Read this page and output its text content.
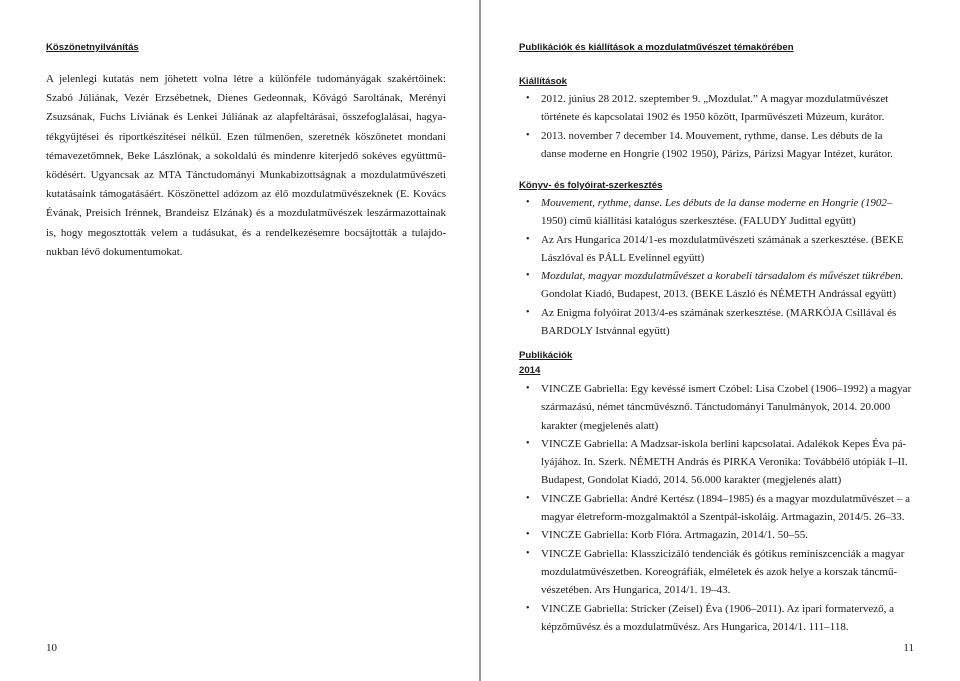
Köszönetnyilvánítás
A jelenlegi kutatás nem jöhetett volna létre a különféle tudományágak szakértőinek:
Szabó Júliának, Vezér Erzsébetnek, Dienes Gedeonnak, Kővágó Saroltának, Merényi
Zsuzsának, Fuchs Líviának és Lenkei Júliának az alapfeltárásai, összefoglalásai, hagya-
tékgyűjtései és riportkészítései nélkül. Ezen túlmenően, szeretnék köszönetet mondani
témavezetőmnek, Beke Lászlónak, a sokoldalú és mindenre kiterjedő sokéves együttmű-
ködésért. Ugyancsak az MTA Tánctudományi Munkabizottságnak a mozdulatművészeti
kutatásaink támogatásáért. Köszönettel adózom az élő mozdulatművészeknek (E. Kovács
Évának, Preisich Irénnek, Brandeisz Elzának) és a mozdulatművészek leszármazottainak
is, hogy megosztották velem a tudásukat, és a rendelkezésemre bocsájtották a tulajdo-
nukban lévő dokumentumokat.
10
Publikációk és kiállítások a mozdulatművészet témakörében
Kiállítások
• 2012. június 28 2012. szeptember 9. „Mozdulat.” A magyar mozdulatművészet
története és kapcsolatai 1902 és 1950 között, Iparművészeti Múzeum, kurátor.
• 2013. november 7 december 14. Mouvement, rythme, danse. Les débuts de la
danse moderne en Hongrie (1902 1950), Párizs, Párizsi Magyar Intézet, kurátor.
Könyv- és folyóirat-szerkesztés
• Mouvement, rythme, danse. Les débuts de la danse moderne en Hongrie (1902–
1950) című kiállítási katalógus szerkesztése. (FALUDY Judittal együtt)
• Az Ars Hungarica 2014/1-es mozdulatművészeti számának a szerkesztése. (BEKE
Lászlóval és PÁLL Evelinnel együtt)
• Mozdulat, magyar mozdulatművészet a korabeli társadalom és művészet tükrében.
Gondolat Kiadó, Budapest, 2013. (BEKE László és NÉMETH Andrással együtt)
• Az Enigma folyóirat 2013/4-es számának szerkesztése. (MARKÓJA Csillával és
BARDOLY Istvánnal együtt)
Publikációk
2014
• VINCZE Gabriella: Egy kevéssé ismert Czóbel: Lisa Czobel (1906–1992) a magyar
származású, német táncművésznő. Tánctudományi Tanulmányok, 2014. 20.000
karakter (megjelenés alatt)
• VINCZE Gabriella: A Madzsar-iskola berlini kapcsolatai. Adalékok Kepes Éva pá-
lyájához. In. Szerk. NÉMETH András és PIRKA Veronika: Továbbélő utópiák I–II.
Budapest, Gondolat Kiadó, 2014. 56.000 karakter (megjelenés alatt)
• VINCZE Gabriella: André Kertész (1894–1985) és a magyar mozdulatművészet – a
magyar életreform-mozgalmaktól a Szentpál-iskoláig. Artmagazin, 2014/5. 26–33.
• VINCZE Gabriella: Korb Flóra. Artmagazin, 2014/1. 50–55.
• VINCZE Gabriella: Klasszicizáló tendenciák és gótikus reminiszcenciák a magyar
mozdulatművészetben. Koreográfiák, elméletek és azok helye a korszak táncmű-
vészetében. Ars Hungarica, 2014/1. 19–43.
• VINCZE Gabriella: Stricker (Zeisel) Éva (1906–2011). Az ipari formatervező, a
képzőművész és a mozdulatművész. Ars Hungarica, 2014/1. 111–118.
11
